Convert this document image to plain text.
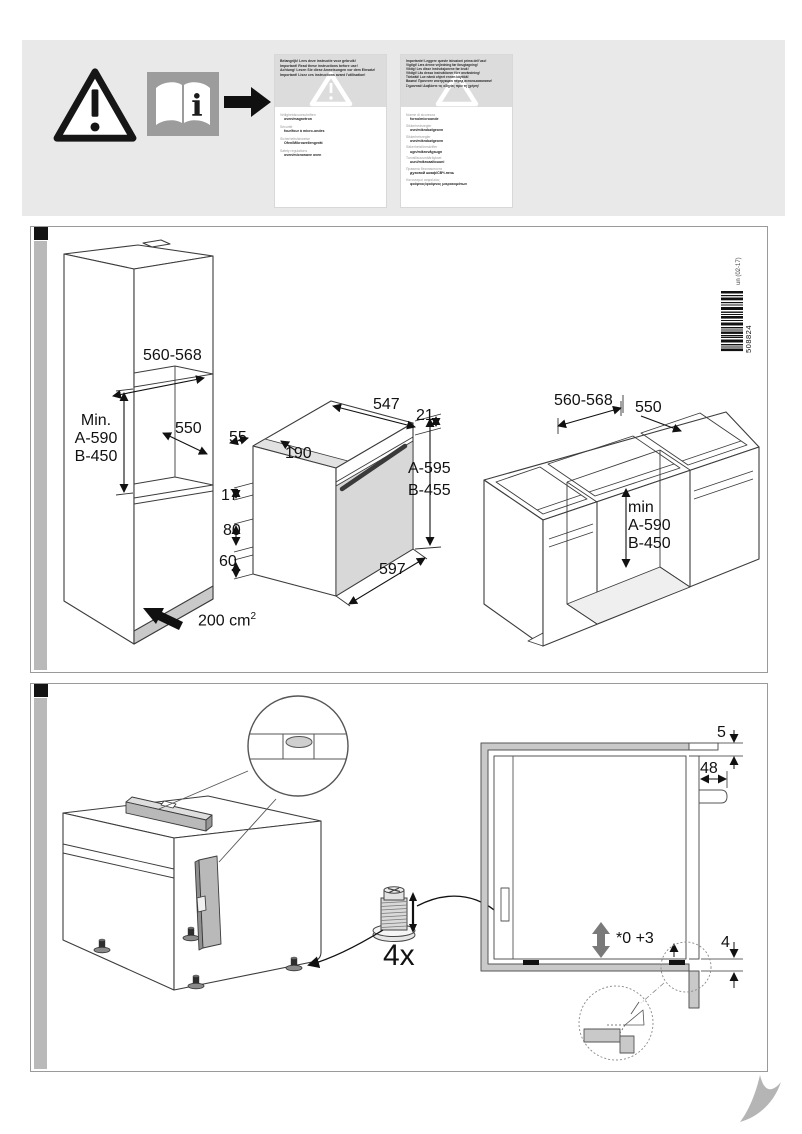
i
Belangrijk! Lees deze instructie voor gebruik!
Important! Read these instructions before use!
Achtung! Lesen Sie diese Anweisungen vor dem Einsatz!
Important! Lisez ces instructions avant l'utilisation!
Veiligheidsvoorschriften
oven/magnetron
Sécurité
four/four à micro-ondes
Sicherheitshinweise
Ofen/Mikrowellengerät
Safety regulations
oven/microwave oven
Importante! Leggere queste istruzioni prima dell'uso!
Vigtigt! Læs denne vejledning før ibrugtagning!
Viktig! Les disse instruksjonene før bruk!
Viktigt! Läs dessa instruktioner före användning!
Tärkeää! Lue nämä ohjeet ennen käyttöä!
Важно! Прочтите инструкцию перед использованием!
Σημαντικό! Διαβάστε τις οδηγίες πριν τη χρήση!
Norme di sicurezza
forno/microonde
Sikkerhedsregler
ovn/mikrobølgeovn
Sikkerhetsregler
ovn/mikrobølgeovn
Säkerhetsföreskrifter
ugn/mikrovågsugn
Turvallisuusmääräykset
uuni/mikroaaltouuni
Правила безопасности
духовой шкаф/СВЧ-печь
Κανονισμοί ασφαλείας
φούρνος/φούρνος μικροκυμάτων
508824
un (02-17)
560-568
Min.
A-590
B-450
550
200 $cm^2$
55
190
17
80
60
547
21
A-595
B-455
597
560-568 550
min
A-590
B-450
4x
5
48
*0 +3	4
